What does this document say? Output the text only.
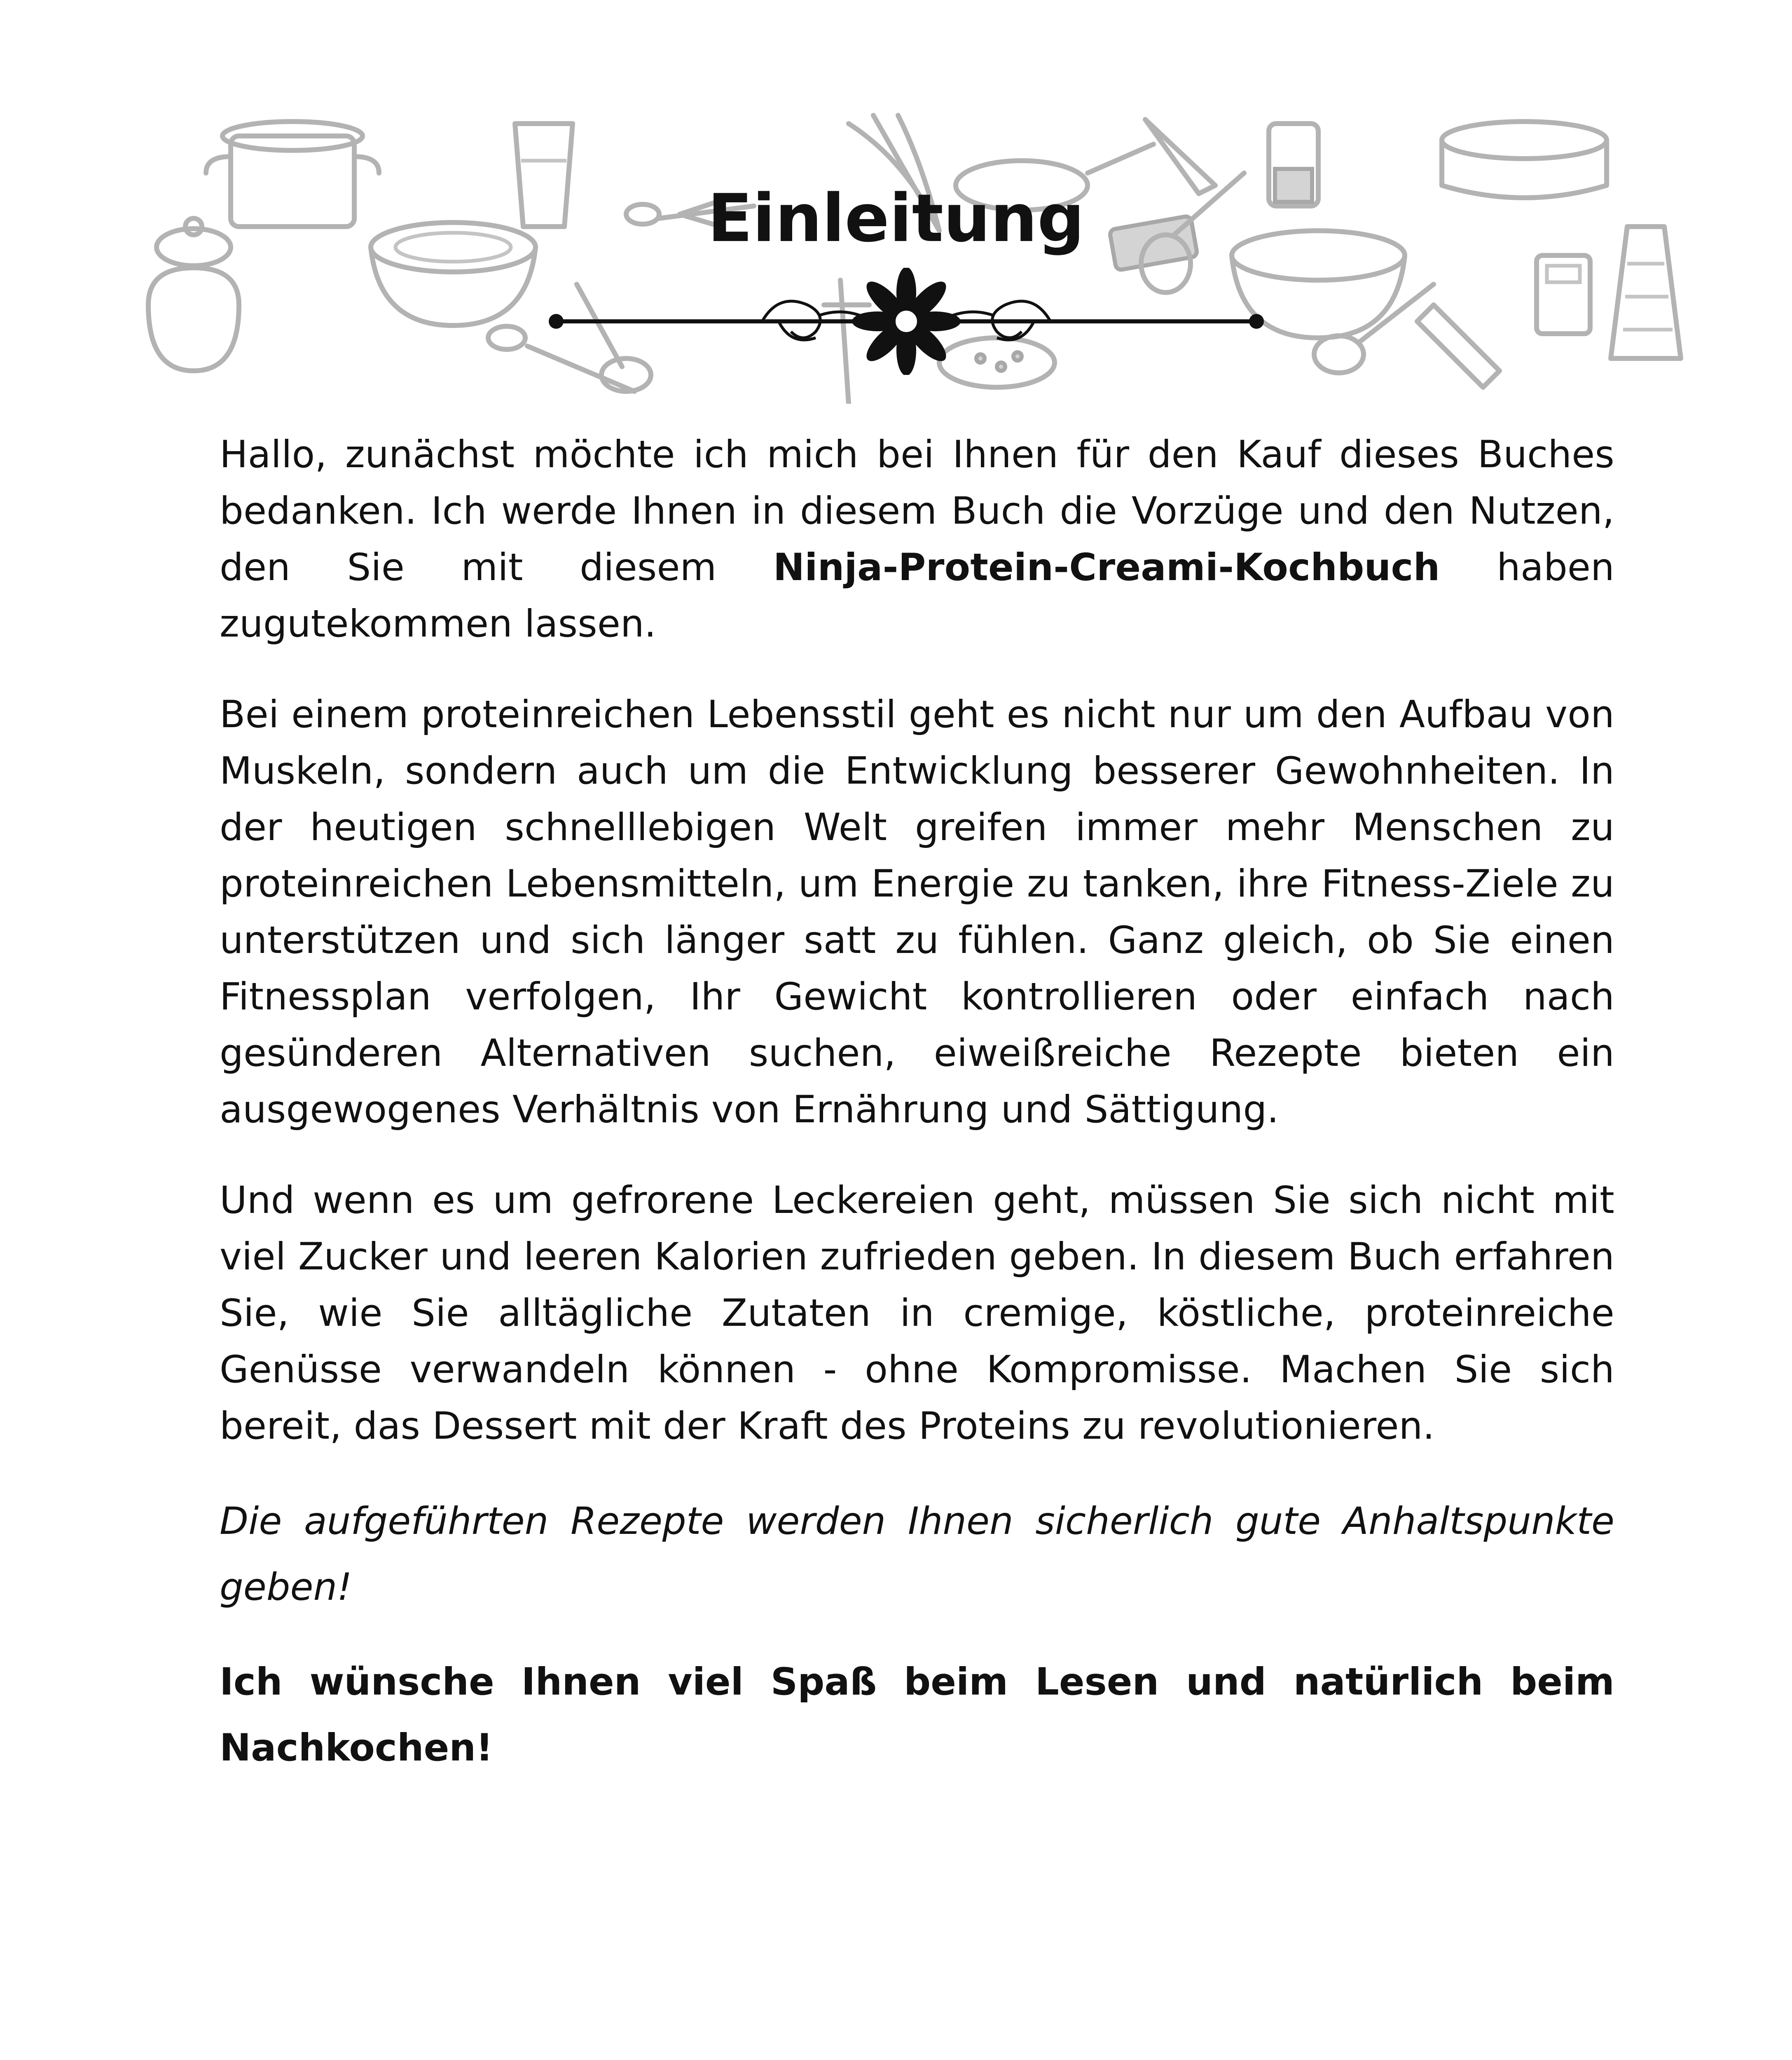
Einleitung

Hallo, zunächst möchte ich mich bei Ihnen für den Kauf dieses Buches bedanken. Ich werde Ihnen in diesem Buch die Vorzüge und den Nutzen, den Sie mit diesem Ninja-Protein-Creami-Kochbuch haben zugutekommen lassen.

Bei einem proteinreichen Lebensstil geht es nicht nur um den Aufbau von Muskeln, sondern auch um die Entwicklung besserer Gewohnheiten. In der heutigen schnelllebigen Welt greifen immer mehr Menschen zu proteinreichen Lebensmitteln, um Energie zu tanken, ihre Fitness-Ziele zu unterstützen und sich länger satt zu fühlen. Ganz gleich, ob Sie einen Fitnessplan verfolgen, Ihr Gewicht kontrollieren oder einfach nach gesünderen Alternativen suchen, eiweißreiche Rezepte bieten ein ausgewogenes Verhältnis von Ernährung und Sättigung.

Und wenn es um gefrorene Leckereien geht, müssen Sie sich nicht mit viel Zucker und leeren Kalorien zufrieden geben. In diesem Buch erfahren Sie, wie Sie alltägliche Zutaten in cremige, köstliche, proteinreiche Genüsse verwandeln können - ohne Kompromisse. Machen Sie sich bereit, das Dessert mit der Kraft des Proteins zu revolutionieren.

Die aufgeführten Rezepte werden Ihnen sicherlich gute Anhaltspunkte geben!

Ich wünsche Ihnen viel Spaß beim Lesen und natürlich beim Nachkochen!
